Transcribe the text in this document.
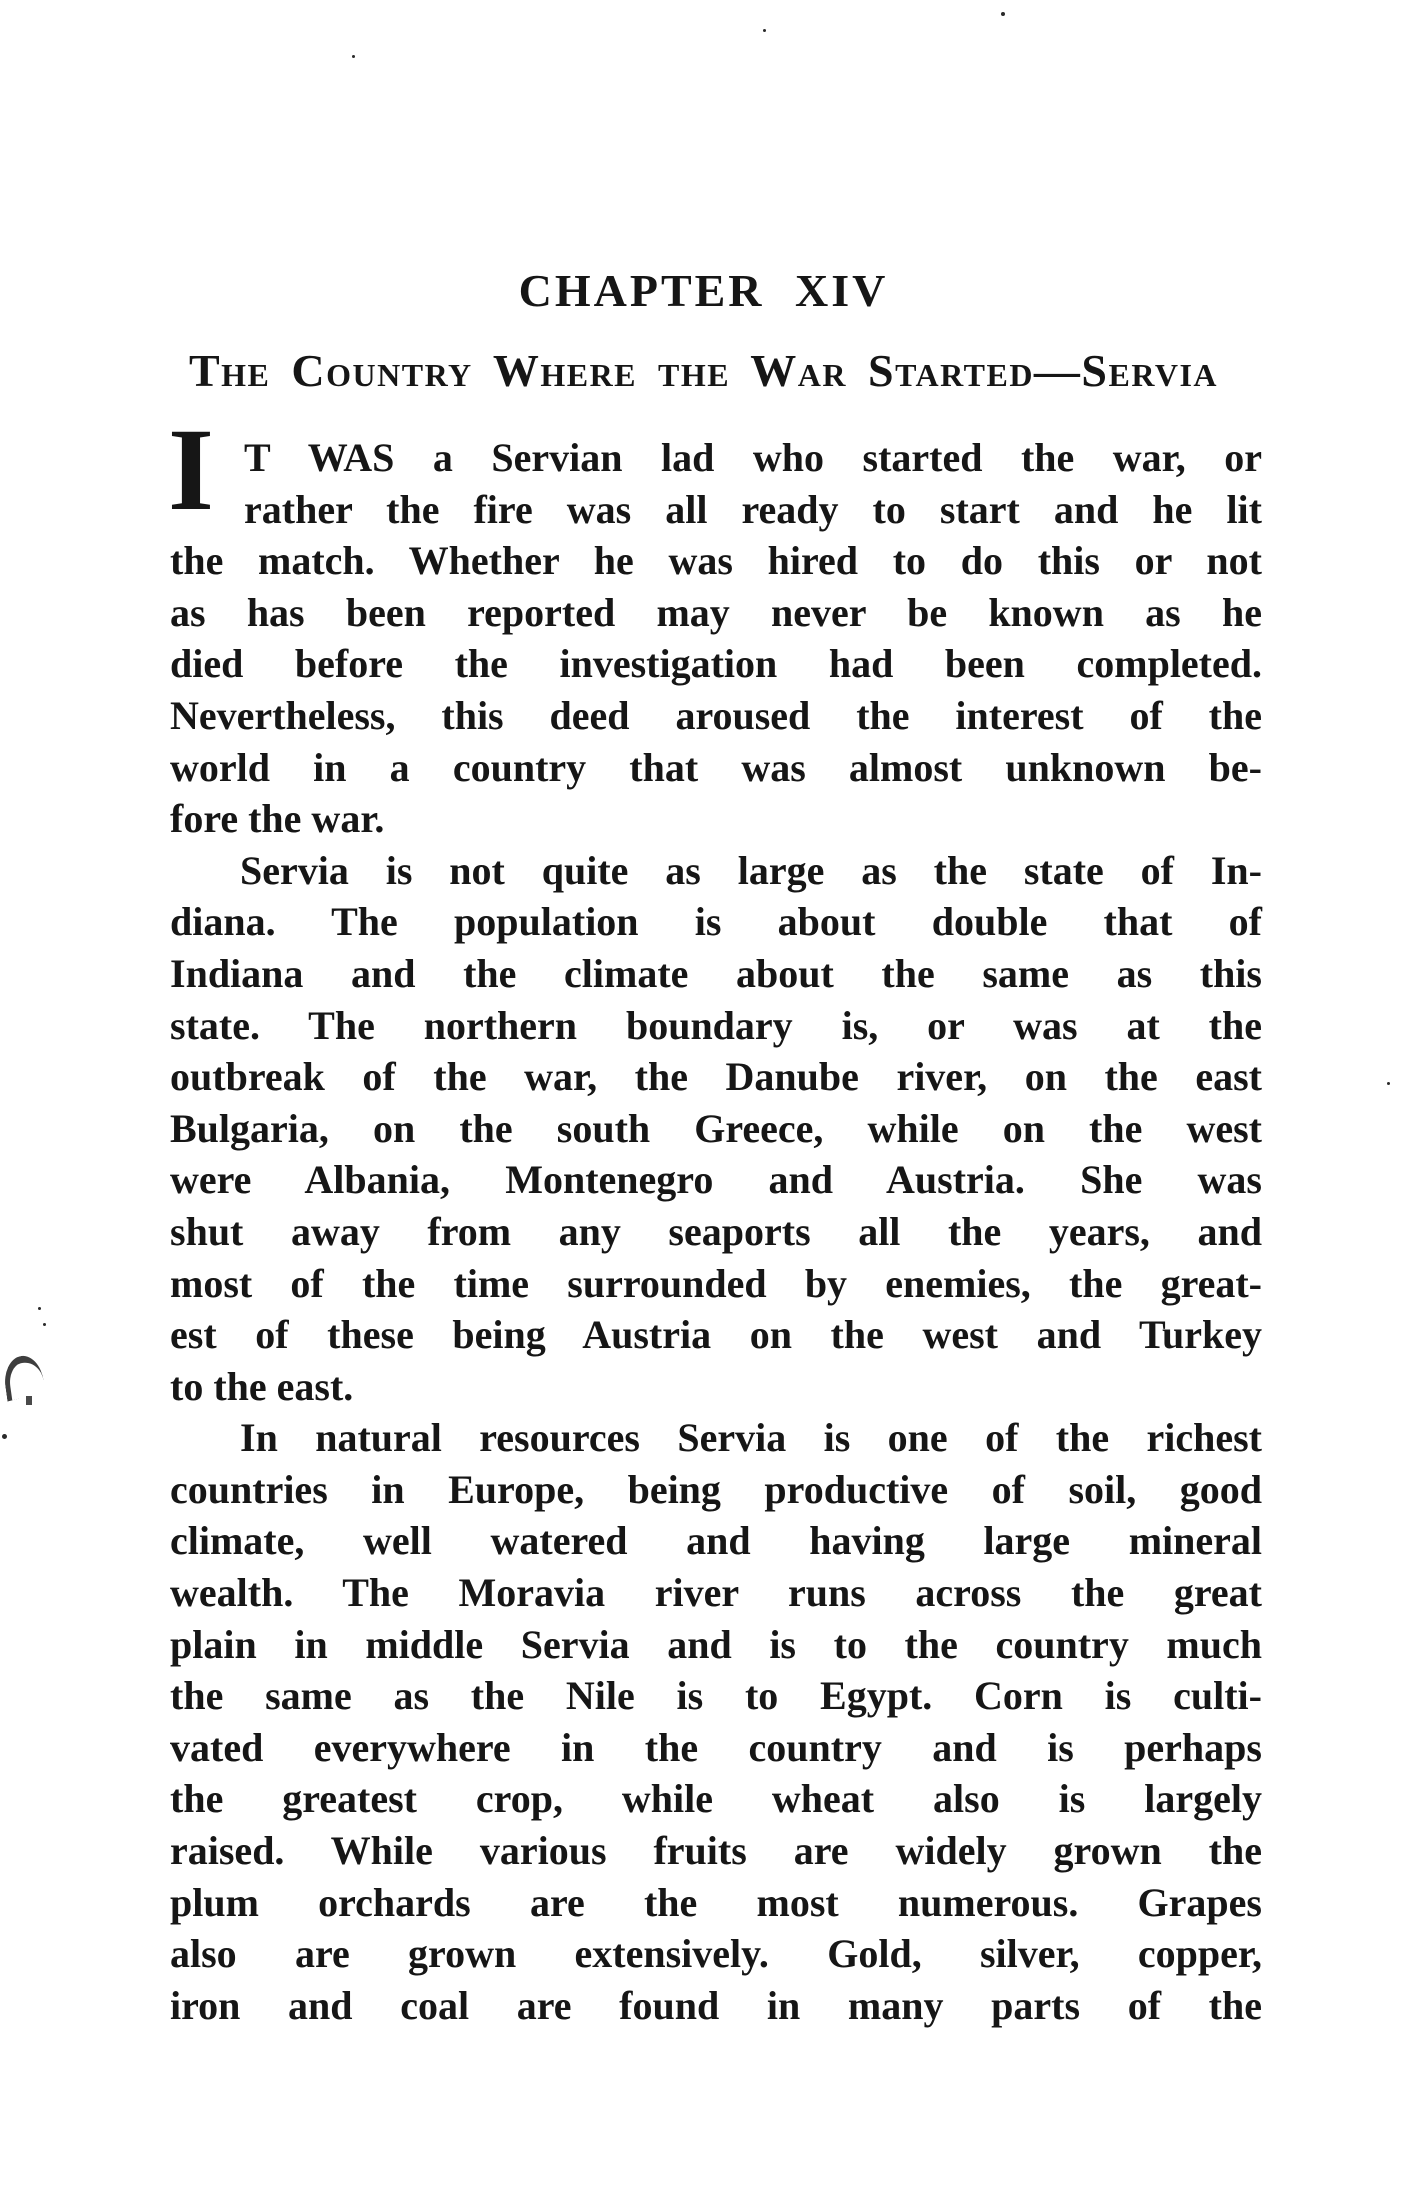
CHAPTER XIV
The Country Where the War Started—Servia
I T WAS a Servian lad who started the war, or
rather the fire was all ready to start and he lit
the match. Whether he was hired to do this or not
as has been reported may never be known as he
died before the investigation had been completed.
Nevertheless, this deed aroused the interest of the
world in a country that was almost unknown be-
fore the war.
Servia is not quite as large as the state of In-
diana. The population is about double that of
Indiana and the climate about the same as this
state. The northern boundary is, or was at the
outbreak of the war, the Danube river, on the east
Bulgaria, on the south Greece, while on the west
were Albania, Montenegro and Austria. She was
shut away from any seaports all the years, and
most of the time surrounded by enemies, the great-
est of these being Austria on the west and Turkey
to the east.
In natural resources Servia is one of the richest
countries in Europe, being productive of soil, good
climate, well watered and having large mineral
wealth. The Moravia river runs across the great
plain in middle Servia and is to the country much
the same as the Nile is to Egypt. Corn is culti-
vated everywhere in the country and is perhaps
the greatest crop, while wheat also is largely
raised. While various fruits are widely grown the
plum orchards are the most numerous. Grapes
also are grown extensively. Gold, silver, copper,
iron and coal are found in many parts of the
